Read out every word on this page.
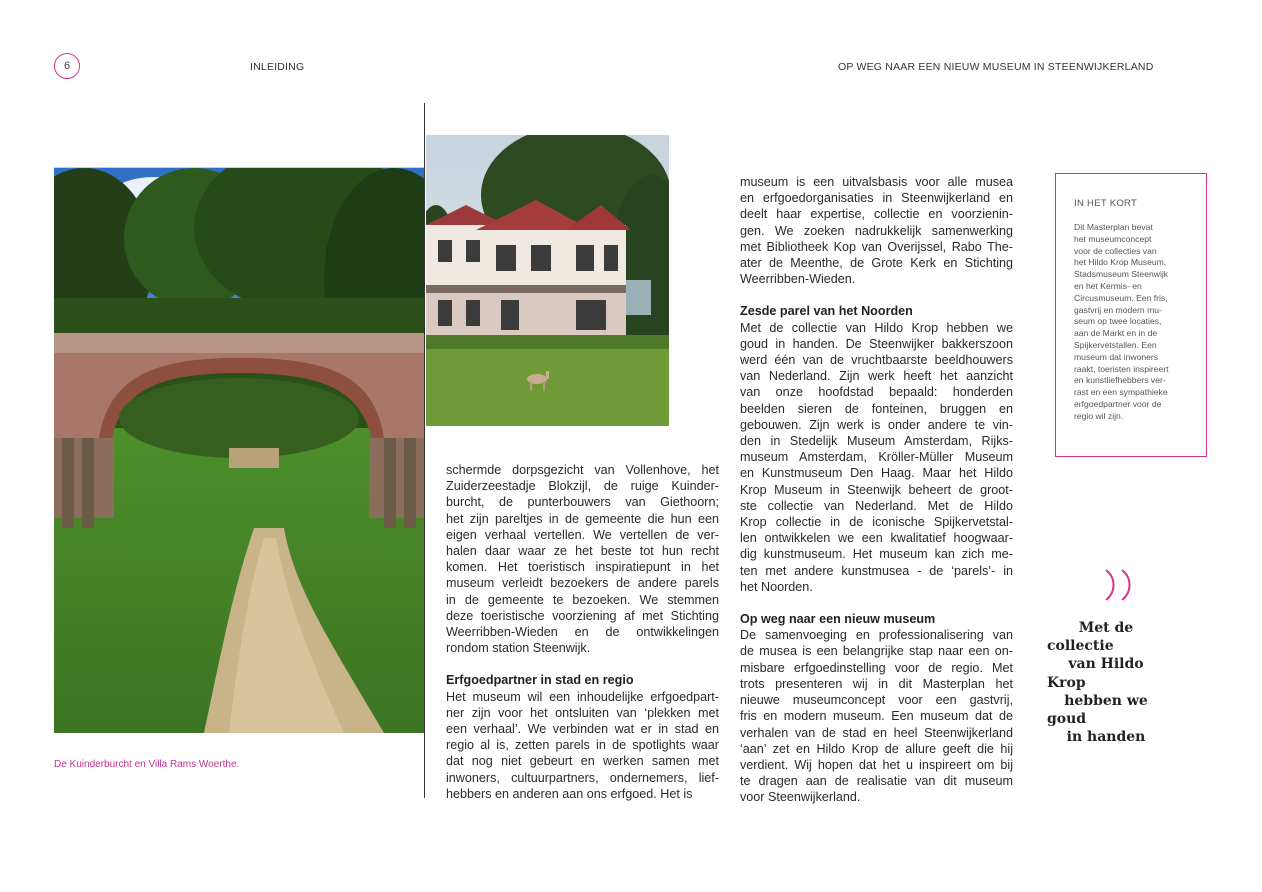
6	INLEIDING	OP WEG NAAR EEN NIEUW MUSEUM IN STEENWIJKERLAND
De Kuinderburcht en Villa Rams Woerthe.

schermde dorpsgezicht van Vollenhove, het
Zuiderzeestadje Blokzijl, de ruige Kuinder-
burcht, de punterbouwers van Giethoorn;
het zijn pareltjes in de gemeente die hun een
eigen verhaal vertellen. We vertellen de ver-
halen daar waar ze het beste tot hun recht
komen. Het toeristisch inspiratiepunt in het
museum verleidt bezoekers de andere parels
in de gemeente te bezoeken. We stemmen
deze toeristische voorziening af met Stichting
Weerribben-Wieden en de ontwikkelingen
rondom station Steenwijk.

Erfgoedpartner in stad en regio

Het museum wil een inhoudelijke erfgoedpart-
ner zijn voor het ontsluiten van ‘plekken met
een verhaal’. We verbinden wat er in stad en
regio al is, zetten parels in de spotlights waar
dat nog niet gebeurt en werken samen met
inwoners, cultuurpartners, ondernemers, lief-
hebbers en anderen aan ons erfgoed. Het is

museum is een uitvalsbasis voor alle musea
en erfgoedorganisaties in Steenwijkerland en
deelt haar expertise, collectie en voorzienin-
gen. We zoeken nadrukkelijk samenwerking
met Bibliotheek Kop van Overijssel, Rabo The-
ater de Meenthe, de Grote Kerk en Stichting
Weerribben-Wieden.

Zesde parel van het Noorden

Met de collectie van Hildo Krop hebben we
goud in handen. De Steenwijker bakkerszoon
werd één van de vruchtbaarste beeldhouwers
van Nederland. Zijn werk heeft het aanzicht
van onze hoofdstad bepaald: honderden
beelden sieren de fonteinen, bruggen en
gebouwen. Zijn werk is onder andere te vin-
den in Stedelijk Museum Amsterdam, Rijks-
museum Amsterdam, Kröller-Müller Museum
en Kunstmuseum Den Haag. Maar het Hildo
Krop Museum in Steenwijk beheert de groot-
ste collectie van Nederland. Met de Hildo
Krop collectie in de iconische Spijkervetstal-
len ontwikkelen we een kwalitatief hoogwaar-
dig kunstmuseum. Het museum kan zich me-
ten met andere kunstmusea - de ‘parels’- in
het Noorden.

Op weg naar een nieuw museum

De samenvoeging en professionalisering van
de musea is een belangrijke stap naar een on-
misbare erfgoedinstelling voor de regio. Met
trots presenteren wij in dit Masterplan het
nieuwe museumconcept voor een gastvrij,
fris en modern museum. Een museum dat de
verhalen van de stad en heel Steenwijkerland
‘aan’ zet en Hildo Krop de allure geeft die hij
verdient. Wij hopen dat het u inspireert om bij
te dragen aan de realisatie van dit museum
voor Steenwijkerland.

IN HET KORT

Dit Masterplan bevat
het museumconcept
voor de collecties van
het Hildo Krop Museum,
Stadsmuseum Steenwijk
en het Kermis- en
Circusmuseum. Een fris,
gastvrij en modern mu-
seum op twee locaties,
aan de Markt en in de
Spijkervetstallen. Een
museum dat inwoners
raakt, toeristen inspireert
en kunstliefhebbers ver-
rast en een sympathieke
erfgoedpartner voor de
regio wil zijn.

Met de collectie
van Hildo Krop
hebben we goud
in handen
